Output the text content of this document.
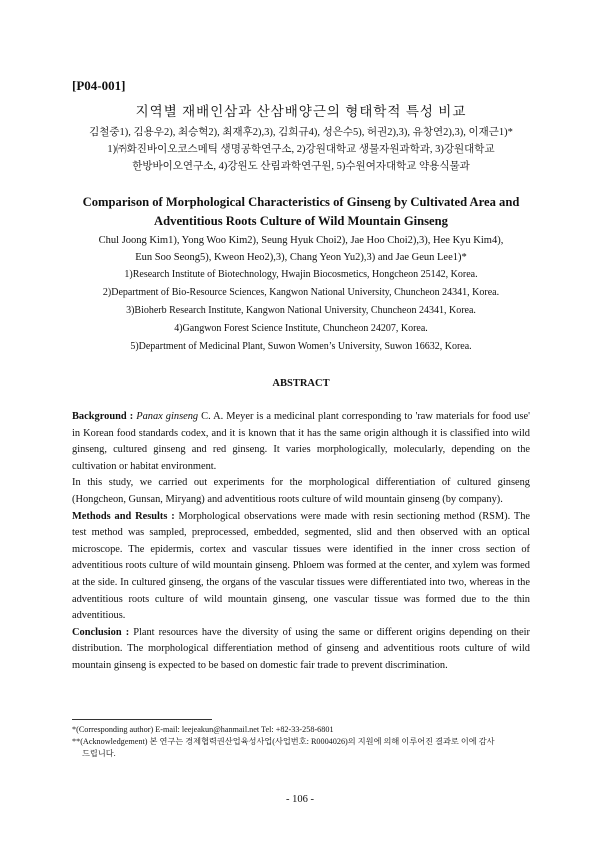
[P04-001]
지역별 재배인삼과 산삼배양근의 형태학적 특성 비교
김철중1), 김용우2), 최승혁2), 최재후2),3), 김희규4), 성은수5), 허권2),3), 유창연2),3), 이재근1)*
1)㈜화진바이오코스메틱 생명공학연구소, 2)강원대학교 생물자원과학과, 3)강원대학교
한방바이오연구소, 4)강원도 산림과학연구원, 5)수원여자대학교 약용식물과
Comparison of Morphological Characteristics of Ginseng by Cultivated Area and
Adventitious Roots Culture of Wild Mountain Ginseng
Chul Joong Kim1), Yong Woo Kim2), Seung Hyuk Choi2), Jae Hoo Choi2),3), Hee Kyu Kim4),
Eun Soo Seong5), Kweon Heo2),3), Chang Yeon Yu2),3) and Jae Geun Lee1)*
1)Research Institute of Biotechnology, Hwajin Biocosmetics, Hongcheon 25142, Korea.
2)Department of Bio-Resource Sciences, Kangwon National University, Chuncheon 24341, Korea.
3)Bioherb Research Institute, Kangwon National University, Chuncheon 24341, Korea.
4)Gangwon Forest Science Institute, Chuncheon 24207, Korea.
5)Department of Medicinal Plant, Suwon Women’s University, Suwon 16632, Korea.
ABSTRACT
Background : Panax ginseng C. A. Meyer is a medicinal plant corresponding to 'raw materials for food use' in Korean food standards codex, and it is known that it has the same origin although it is classified into wild ginseng, cultured ginseng and red ginseng. It varies morphologically, molecularly, depending on the cultivation or habitat environment.
In this study, we carried out experiments for the morphological differentiation of cultured ginseng (Hongcheon, Gunsan, Miryang) and adventitious roots culture of wild mountain ginseng (by company).
Methods and Results : Morphological observations were made with resin sectioning method (RSM). The test method was sampled, preprocessed, embedded, segmented, slid and then observed with an optical microscope. The epidermis, cortex and vascular tissues were identified in the inner cross section of adventitious roots culture of wild mountain ginseng. Phloem was formed at the center, and xylem was formed at the side. In cultured ginseng, the organs of the vascular tissues were differentiated into two, whereas in the adventitious roots culture of wild mountain ginseng, one vascular tissue was formed due to the thin adventitious.
Conclusion : Plant resources have the diversity of using the same or different origins depending on their distribution. The morphological differentiation method of ginseng and adventitious roots culture of wild mountain ginseng is expected to be based on domestic fair trade to prevent discrimination.
*(Corresponding author) E-mail: leejeakun@hanmail.net Tel: +82-33-258-6801
**(Acknowledgement) 본 연구는 경제협력권산업육성사업(사업번호: R0004026)의 지원에 의해 이루어진 결과로 이에 감사
드립니다.
- 106 -
